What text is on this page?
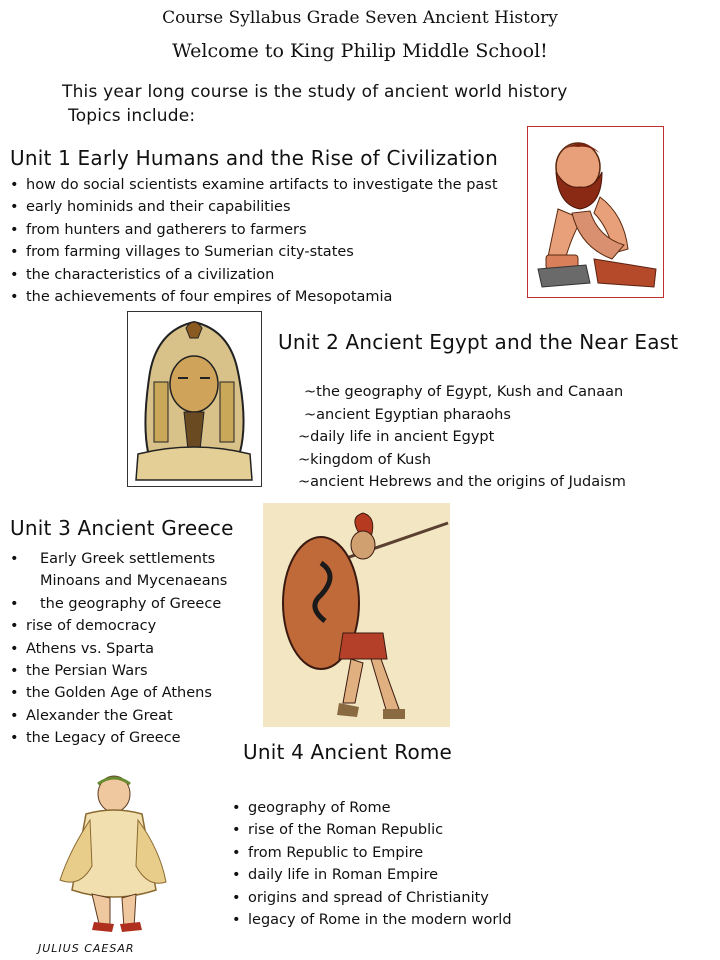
Course Syllabus Grade Seven Ancient History
Welcome to King Philip Middle School!
This year long course is the study of ancient world history
Topics include:
Unit 1 Early Humans and the Rise of Civilization
• how do social scientists examine artifacts to investigate the past
• early hominids and their capabilities
• from hunters and gatherers to farmers
• from farming villages to Sumerian city-states
• the characteristics of a civilization
• the achievements of four empires of Mesopotamia
Unit 2 Ancient Egypt and the Near East
~the geography of Egypt, Kush and Canaan
~ancient Egyptian pharaohs
~daily life in ancient Egypt
~kingdom of Kush
~ancient Hebrews and the origins of Judaism
Unit 3 Ancient Greece
• Early Greek settlements
Minoans and Mycenaeans
• the geography of Greece
• rise of democracy
• Athens vs. Sparta
• the Persian Wars
• the Golden Age of Athens
• Alexander the Great
• the Legacy of Greece
Unit 4 Ancient Rome
• geography of Rome
• rise of the Roman Republic
• from Republic to Empire
• daily life in Roman Empire
• origins and spread of Christianity
• legacy of Rome in the modern world
JULIUS CAESAR
